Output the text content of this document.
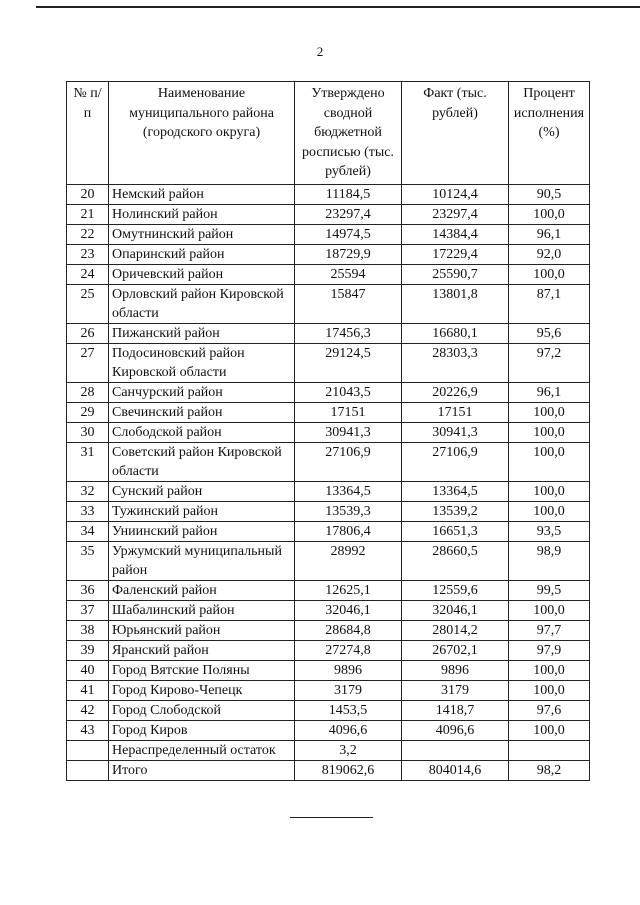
2
№ п/п	Наименование муниципального района (городского округа)	Утверждено сводной бюджетной росписью (тыс. рублей)	Факт (тыс. рублей)	Процент исполнения (%)
20	Немский район	11184,5	10124,4	90,5
21	Нолинский район	23297,4	23297,4	100,0
22	Омутнинский район	14974,5	14384,4	96,1
23	Опаринский район	18729,9	17229,4	92,0
24	Оричевский район	25594	25590,7	100,0
25	Орловский район Кировской области	15847	13801,8	87,1
26	Пижанский район	17456,3	16680,1	95,6
27	Подосиновский район Кировской области	29124,5	28303,3	97,2
28	Санчурский район	21043,5	20226,9	96,1
29	Свечинский район	17151	17151	100,0
30	Слободской район	30941,3	30941,3	100,0
31	Советский район Кировской области	27106,9	27106,9	100,0
32	Сунский район	13364,5	13364,5	100,0
33	Тужинский район	13539,3	13539,2	100,0
34	Униинский район	17806,4	16651,3	93,5
35	Уржумский муниципальный район	28992	28660,5	98,9
36	Фаленский район	12625,1	12559,6	99,5
37	Шабалинский район	32046,1	32046,1	100,0
38	Юрьянский район	28684,8	28014,2	97,7
39	Яранский район	27274,8	26702,1	97,9
40	Город Вятские Поляны	9896	9896	100,0
41	Город Кирово-Чепецк	3179	3179	100,0
42	Город Слободской	1453,5	1418,7	97,6
43	Город Киров	4096,6	4096,6	100,0
	Нераспределенный остаток	3,2		
	Итого	819062,6	804014,6	98,2
